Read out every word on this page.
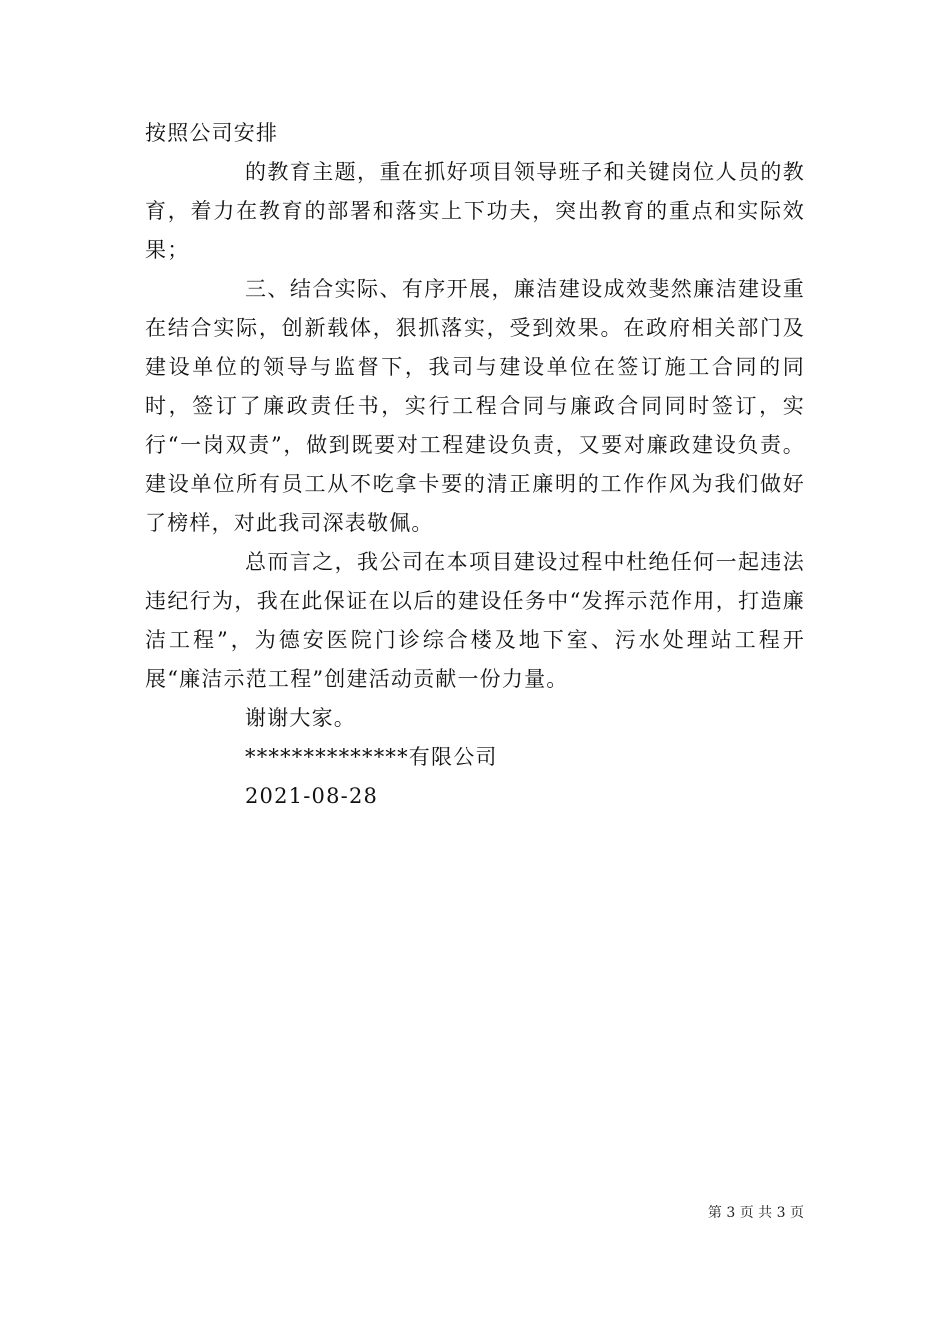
按照公司安排

的教育主题，重在抓好项目领导班子和关键岗位人员的教育，着力在教育的部署和落实上下功夫，突出教育的重点和实际效果；

三、结合实际、有序开展，廉洁建设成效斐然廉洁建设重在结合实际，创新载体，狠抓落实，受到效果。在政府相关部门及建设单位的领导与监督下，我司与建设单位在签订施工合同的同时，签订了廉政责任书，实行工程合同与廉政合同同时签订，实行“一岗双责”，做到既要对工程建设负责，又要对廉政建设负责。建设单位所有员工从不吃拿卡要的清正廉明的工作作风为我们做好了榜样，对此我司深表敬佩。

总而言之，我公司在本项目建设过程中杜绝任何一起违法违纪行为，我在此保证在以后的建设任务中“发挥示范作用，打造廉洁工程”，为德安医院门诊综合楼及地下室、污水处理站工程开展“廉洁示范工程”创建活动贡献一份力量。

谢谢大家。

**************有限公司

2021-08-28

第 3 页 共 3 页
